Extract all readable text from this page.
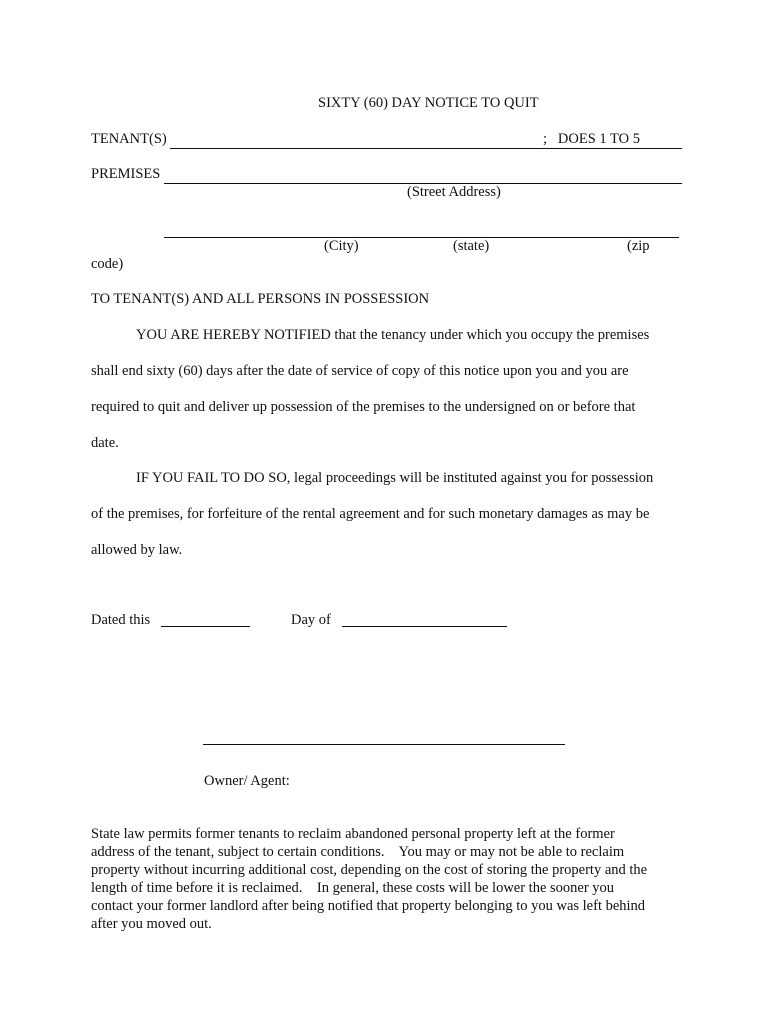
SIXTY (60) DAY NOTICE TO QUIT
TENANT(S)	;   DOES 1 TO 5
PREMISES
(Street Address)
(City)	(state)	(zip
code)
TO TENANT(S) AND ALL PERSONS IN POSSESSION
YOU ARE HEREBY NOTIFIED that the tenancy under which you occupy the premises
shall end sixty (60) days after the date of service of copy of this notice upon you and you are
required to quit and deliver up possession of the premises to the undersigned on or before that
date.
IF YOU FAIL TO DO SO, legal proceedings will be instituted against you for possession
of the premises, for forfeiture of the rental agreement and for such monetary damages as may be
allowed by law.
Dated this	Day of
Owner/ Agent:
State law permits former tenants to reclaim abandoned personal property left at the former
address of the tenant, subject to certain conditions.    You may or may not be able to reclaim
property without incurring additional cost, depending on the cost of storing the property and the
length of time before it is reclaimed.    In general, these costs will be lower the sooner you
contact your former landlord after being notified that property belonging to you was left behind
after you moved out.
